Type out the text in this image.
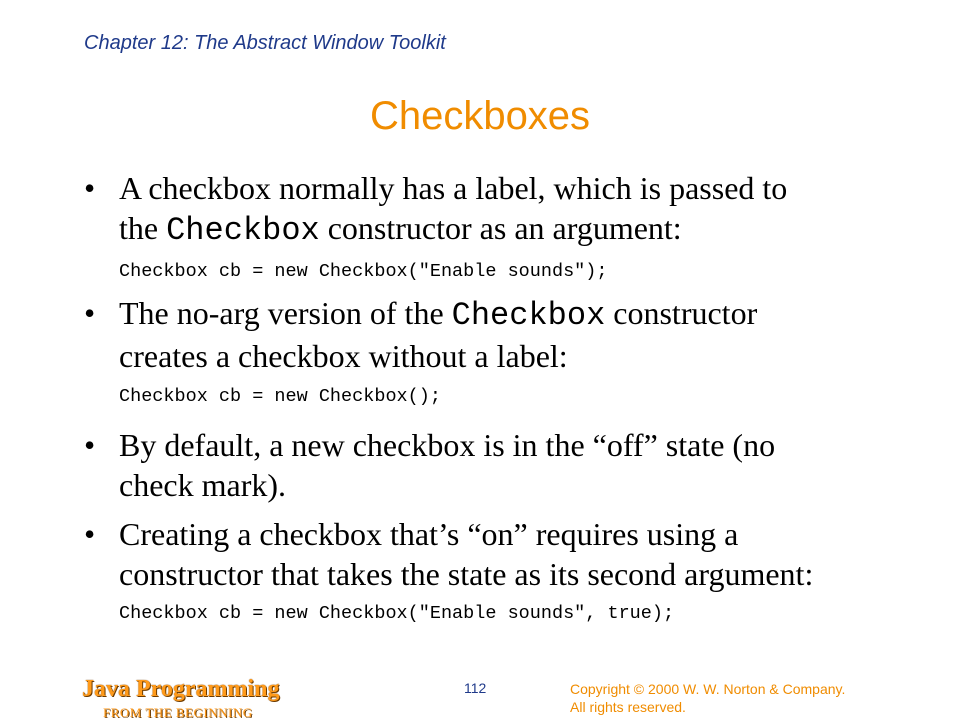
Chapter 12: The Abstract Window Toolkit
Checkboxes
• A checkbox normally has a label, which is passed to
the Checkbox constructor as an argument:
Checkbox cb = new Checkbox("Enable sounds");
• The no-arg version of the Checkbox constructor
creates a checkbox without a label:
Checkbox cb = new Checkbox();
• By default, a new checkbox is in the “off” state (no
check mark).
• Creating a checkbox that’s “on” requires using a
constructor that takes the state as its second argument:
Checkbox cb = new Checkbox("Enable sounds", true);
Java Programming
FROM THE BEGINNING
112	Copyright © 2000 W. W. Norton & Company.
All rights reserved.
